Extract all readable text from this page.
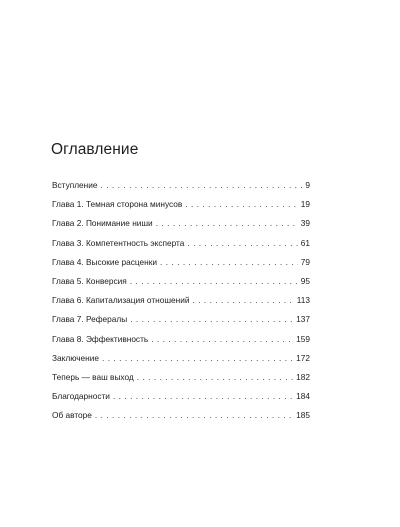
Оглавление
Вступление . . .	9
Глава 1. Темная сторона минусов . . .	19
Глава 2. Понимание ниши . . .	39
Глава 3. Компетентность эксперта . . .	61
Глава 4. Высокие расценки . . .	79
Глава 5. Конверсия . . .	95
Глава 6. Капитализация отношений . . .	113
Глава 7. Рефералы . . .	137
Глава 8. Эффективность . . .	159
Заключение . . .	172
Теперь — ваш выход . . .	182
Благодарности . . .	184
Об авторе . . .	185
